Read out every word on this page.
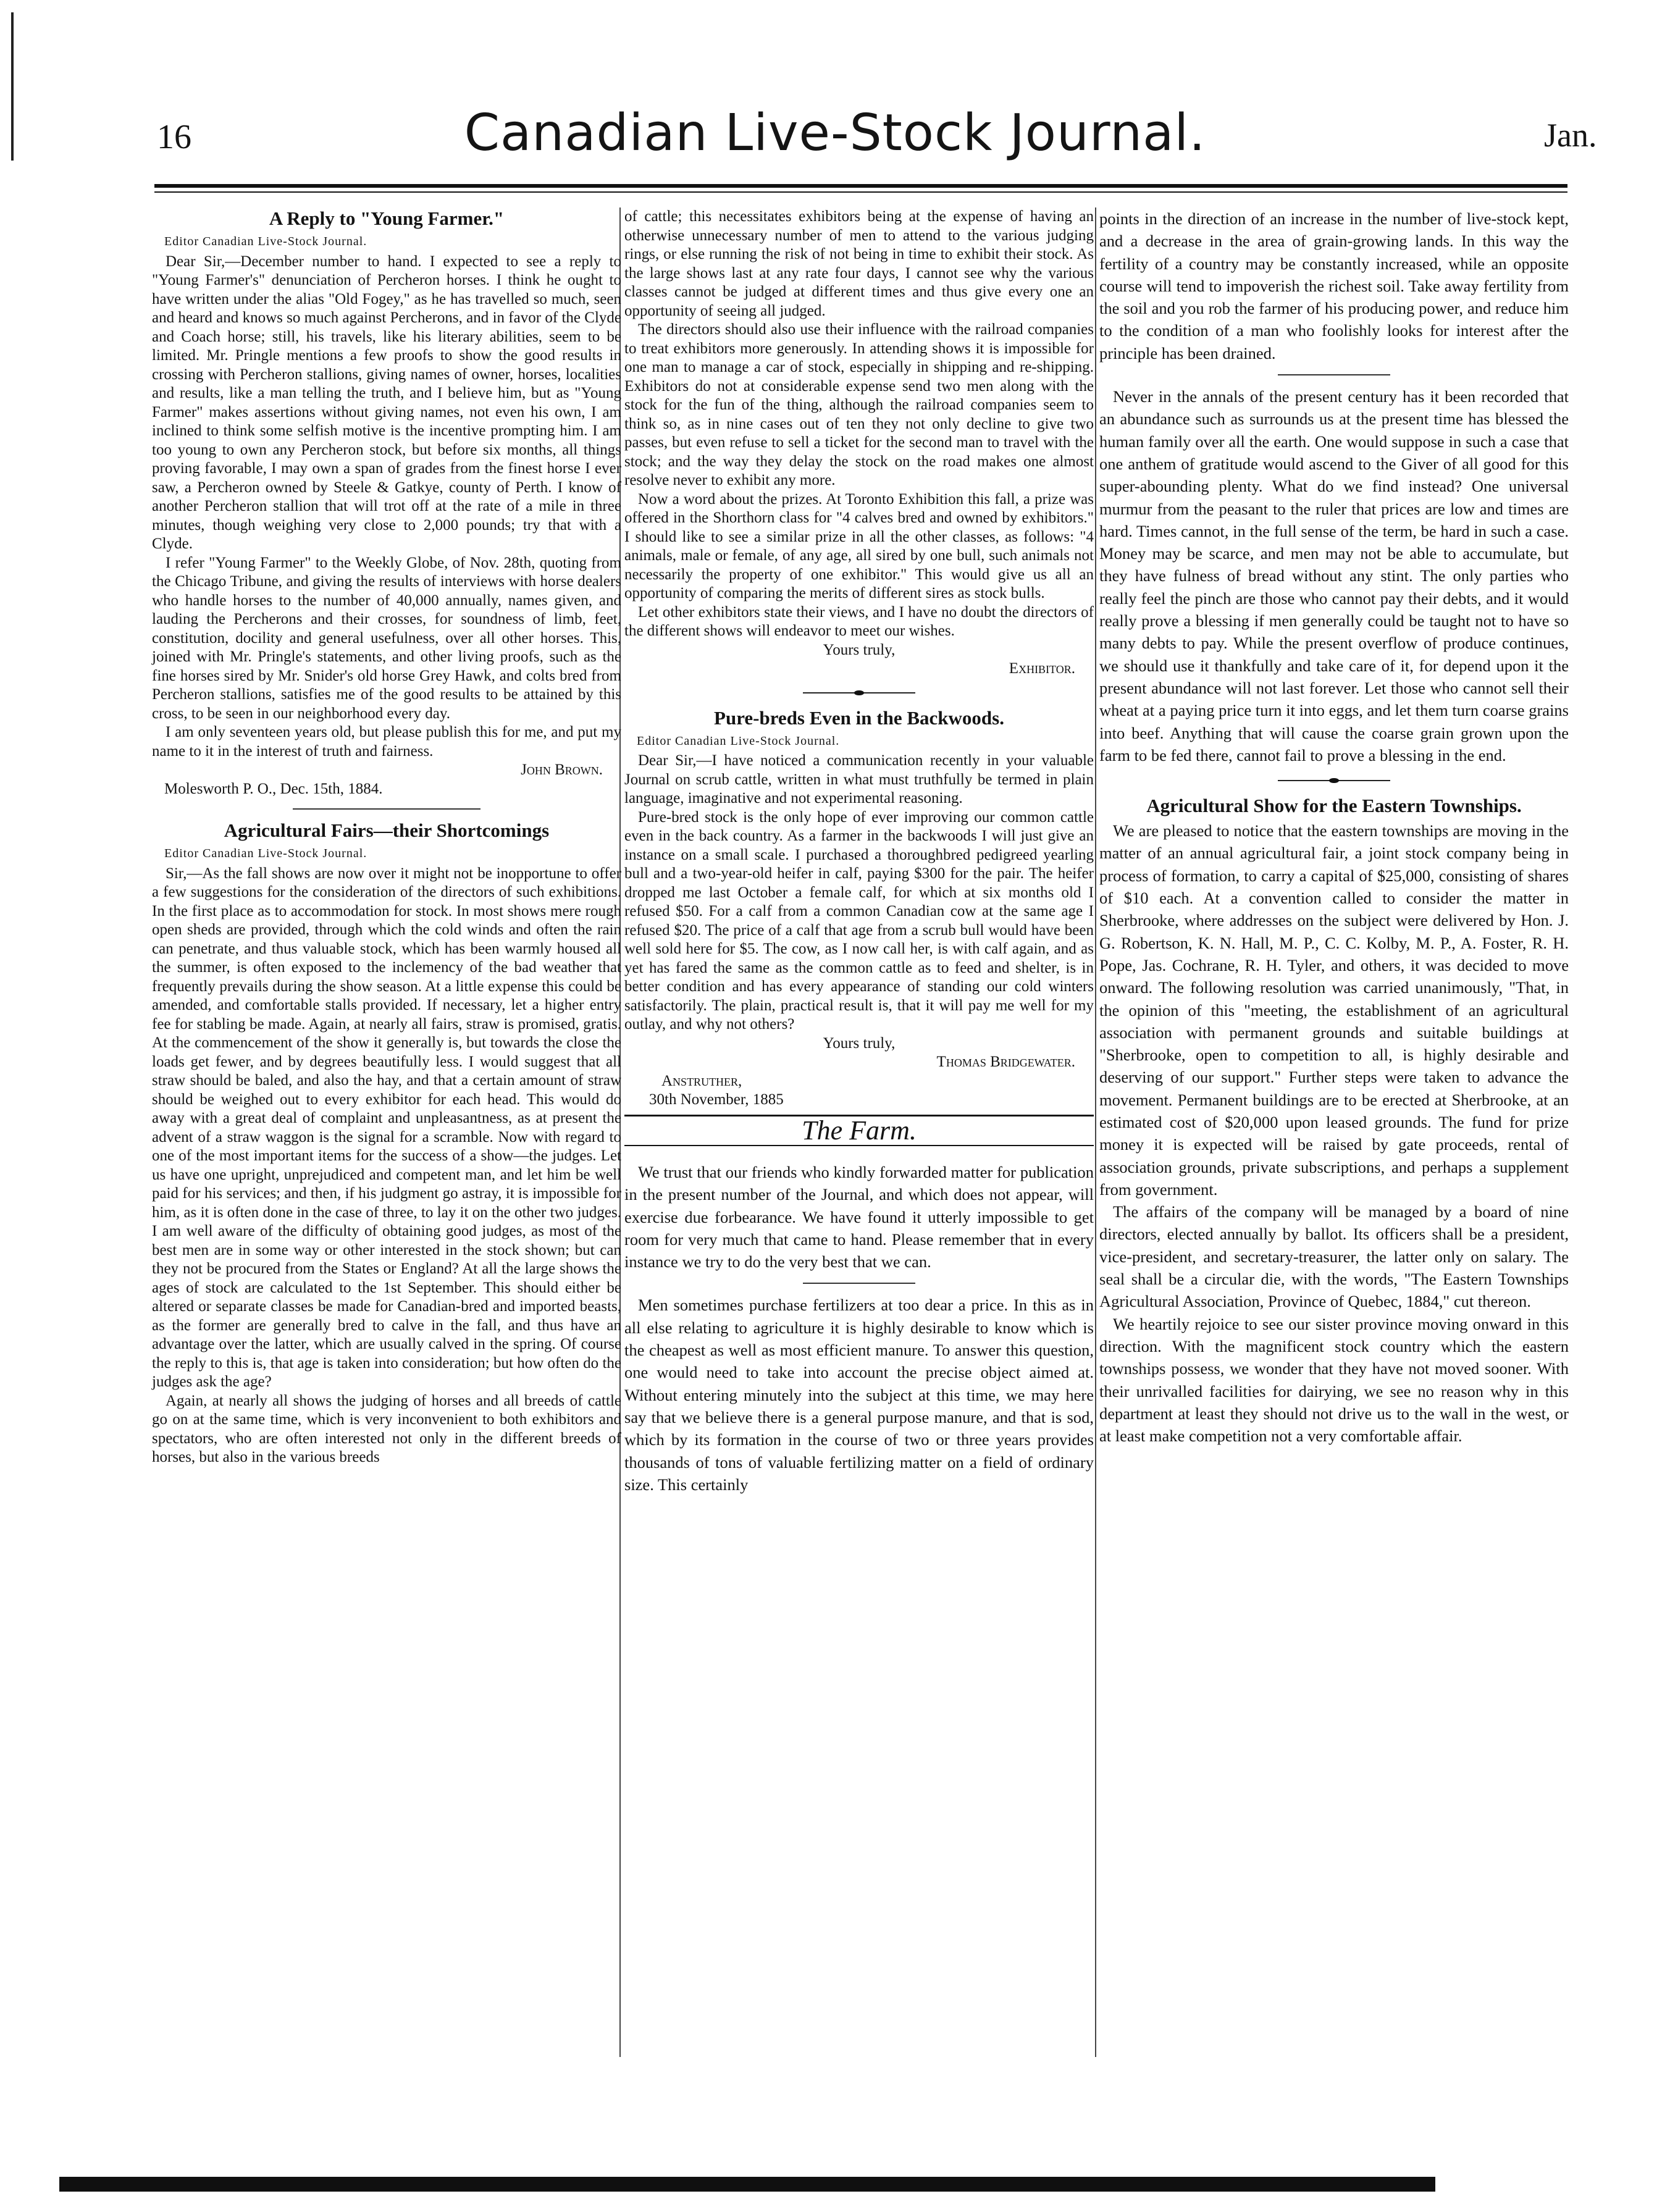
16	Canadian Live-Stock Journal.	Jan.
A Reply to "Young Farmer."

Editor Canadian Live-Stock Journal.

Dear Sir,—December number to hand. I expected to see a reply to "Young Farmer's" denunciation of Percheron horses. I think he ought to have written under the alias "Old Fogey," as he has travelled so much, seen and heard and knows so much against Percherons, and in favor of the Clyde and Coach horse; still, his travels, like his literary abilities, seem to be limited. Mr. Pringle mentions a few proofs to show the good results in crossing with Percheron stallions, giving names of owner, horses, localities and results, like a man telling the truth, and I believe him, but as "Young Farmer" makes assertions without giving names, not even his own, I am inclined to think some selfish motive is the incentive prompting him. I am too young to own any Percheron stock, but before six months, all things proving favorable, I may own a span of grades from the finest horse I ever saw, a Percheron owned by Steele & Gatkye, county of Perth. I know of another Percheron stallion that will trot off at the rate of a mile in three minutes, though weighing very close to 2,000 pounds; try that with a Clyde.

I refer "Young Farmer" to the Weekly Globe, of Nov. 28th, quoting from the Chicago Tribune, and giving the results of interviews with horse dealers who handle horses to the number of 40,000 annually, names given, and lauding the Percherons and their crosses, for soundness of limb, feet, constitution, docility and general usefulness, over all other horses. This, joined with Mr. Pringle's statements, and other living proofs, such as the fine horses sired by Mr. Snider's old horse Grey Hawk, and colts bred from Percheron stallions, satisfies me of the good results to be attained by this cross, to be seen in our neighborhood every day.

I am only seventeen years old, but please publish this for me, and put my name to it in the interest of truth and fairness.

John Brown.

Molesworth P. O., Dec. 15th, 1884.

Agricultural Fairs—their Shortcomings

Editor Canadian Live-Stock Journal.

Sir,—As the fall shows are now over it might not be inopportune to offer a few suggestions for the consideration of the directors of such exhibitions. In the first place as to accommodation for stock. In most shows mere rough open sheds are provided, through which the cold winds and often the rain can penetrate, and thus valuable stock, which has been warmly housed all the summer, is often exposed to the inclemency of the bad weather that frequently prevails during the show season. At a little expense this could be amended, and comfortable stalls provided. If necessary, let a higher entry fee for stabling be made. Again, at nearly all fairs, straw is promised, gratis. At the commencement of the show it generally is, but towards the close the loads get fewer, and by degrees beautifully less. I would suggest that all straw should be baled, and also the hay, and that a certain amount of straw should be weighed out to every exhibitor for each head. This would do away with a great deal of complaint and unpleasantness, as at present the advent of a straw waggon is the signal for a scramble. Now with regard to one of the most important items for the success of a show—the judges. Let us have one upright, unprejudiced and competent man, and let him be well paid for his services; and then, if his judgment go astray, it is impossible for him, as it is often done in the case of three, to lay it on the other two judges. I am well aware of the difficulty of obtaining good judges, as most of the best men are in some way or other interested in the stock shown; but can they not be procured from the States or England? At all the large shows the ages of stock are calculated to the 1st September. This should either be altered or separate classes be made for Canadian-bred and imported beasts, as the former are generally bred to calve in the fall, and thus have an advantage over the latter, which are usually calved in the spring. Of course the reply to this is, that age is taken into consideration; but how often do the judges ask the age?

Again, at nearly all shows the judging of horses and all breeds of cattle go on at the same time, which is very inconvenient to both exhibitors and spectators, who are often interested not only in the different breeds of horses, but also in the various breeds

of cattle; this necessitates exhibitors being at the expense of having an otherwise unnecessary number of men to attend to the various judging rings, or else running the risk of not being in time to exhibit their stock. As the large shows last at any rate four days, I cannot see why the various classes cannot be judged at different times and thus give every one an opportunity of seeing all judged.

The directors should also use their influence with the railroad companies to treat exhibitors more generously. In attending shows it is impossible for one man to manage a car of stock, especially in shipping and re-shipping. Exhibitors do not at considerable expense send two men along with the stock for the fun of the thing, although the railroad companies seem to think so, as in nine cases out of ten they not only decline to give two passes, but even refuse to sell a ticket for the second man to travel with the stock; and the way they delay the stock on the road makes one almost resolve never to exhibit any more.

Now a word about the prizes. At Toronto Exhibition this fall, a prize was offered in the Shorthorn class for "4 calves bred and owned by exhibitors." I should like to see a similar prize in all the other classes, as follows: "4 animals, male or female, of any age, all sired by one bull, such animals not necessarily the property of one exhibitor." This would give us all an opportunity of comparing the merits of different sires as stock bulls.

Let other exhibitors state their views, and I have no doubt the directors of the different shows will endeavor to meet our wishes.

Yours truly,

Exhibitor.

Pure-breds Even in the Backwoods.

Editor Canadian Live-Stock Journal.

Dear Sir,—I have noticed a communication recently in your valuable Journal on scrub cattle, written in what must truthfully be termed in plain language, imaginative and not experimental reasoning.

Pure-bred stock is the only hope of ever improving our common cattle even in the back country. As a farmer in the backwoods I will just give an instance on a small scale. I purchased a thoroughbred pedigreed yearling bull and a two-year-old heifer in calf, paying $300 for the pair. The heifer dropped me last October a female calf, for which at six months old I refused $50. For a calf from a common Canadian cow at the same age I refused $20. The price of a calf that age from a scrub bull would have been well sold here for $5. The cow, as I now call her, is with calf again, and as yet has fared the same as the common cattle as to feed and shelter, is in better condition and has every appearance of standing our cold winters satisfactorily. The plain, practical result is, that it will pay me well for my outlay, and why not others?

Yours truly,

Thomas Bridgewater.

Anstruther,

30th November, 1885

The Farm.

We trust that our friends who kindly forwarded matter for publication in the present number of the Journal, and which does not appear, will exercise due forbearance. We have found it utterly impossible to get room for very much that came to hand. Please remember that in every instance we try to do the very best that we can.

Men sometimes purchase fertilizers at too dear a price. In this as in all else relating to agriculture it is highly desirable to know which is the cheapest as well as most efficient manure. To answer this question, one would need to take into account the precise object aimed at. Without entering minutely into the subject at this time, we may here say that we believe there is a general purpose manure, and that is sod, which by its formation in the course of two or three years provides thousands of tons of valuable fertilizing matter on a field of ordinary size. This certainly

points in the direction of an increase in the number of live-stock kept, and a decrease in the area of grain-growing lands. In this way the fertility of a country may be constantly increased, while an opposite course will tend to impoverish the richest soil. Take away fertility from the soil and you rob the farmer of his producing power, and reduce him to the condition of a man who foolishly looks for interest after the principle has been drained.

Never in the annals of the present century has it been recorded that an abundance such as surrounds us at the present time has blessed the human family over all the earth. One would suppose in such a case that one anthem of gratitude would ascend to the Giver of all good for this super-abounding plenty. What do we find instead? One universal murmur from the peasant to the ruler that prices are low and times are hard. Times cannot, in the full sense of the term, be hard in such a case. Money may be scarce, and men may not be able to accumulate, but they have fulness of bread without any stint. The only parties who really feel the pinch are those who cannot pay their debts, and it would really prove a blessing if men generally could be taught not to have so many debts to pay. While the present overflow of produce continues, we should use it thankfully and take care of it, for depend upon it the present abundance will not last forever. Let those who cannot sell their wheat at a paying price turn it into eggs, and let them turn coarse grains into beef. Anything that will cause the coarse grain grown upon the farm to be fed there, cannot fail to prove a blessing in the end.

Agricultural Show for the Eastern Townships.

We are pleased to notice that the eastern townships are moving in the matter of an annual agricultural fair, a joint stock company being in process of formation, to carry a capital of $25,000, consisting of shares of $10 each. At a convention called to consider the matter in Sherbrooke, where addresses on the subject were delivered by Hon. J. G. Robertson, K. N. Hall, M. P., C. C. Kolby, M. P., A. Foster, R. H. Pope, Jas. Cochrane, R. H. Tyler, and others, it was decided to move onward. The following resolution was carried unanimously, "That, in the opinion of this "meeting, the establishment of an agricultural association with permanent grounds and suitable buildings at "Sherbrooke, open to competition to all, is highly desirable and deserving of our support." Further steps were taken to advance the movement. Permanent buildings are to be erected at Sherbrooke, at an estimated cost of $20,000 upon leased grounds. The fund for prize money it is expected will be raised by gate proceeds, rental of association grounds, private subscriptions, and perhaps a supplement from government.

The affairs of the company will be managed by a board of nine directors, elected annually by ballot. Its officers shall be a president, vice-president, and secretary-treasurer, the latter only on salary. The seal shall be a circular die, with the words, "The Eastern Townships Agricultural Association, Province of Quebec, 1884," cut thereon.

We heartily rejoice to see our sister province moving onward in this direction. With the magnificent stock country which the eastern townships possess, we wonder that they have not moved sooner. With their unrivalled facilities for dairying, we see no reason why in this department at least they should not drive us to the wall in the west, or at least make competition not a very comfortable affair.
